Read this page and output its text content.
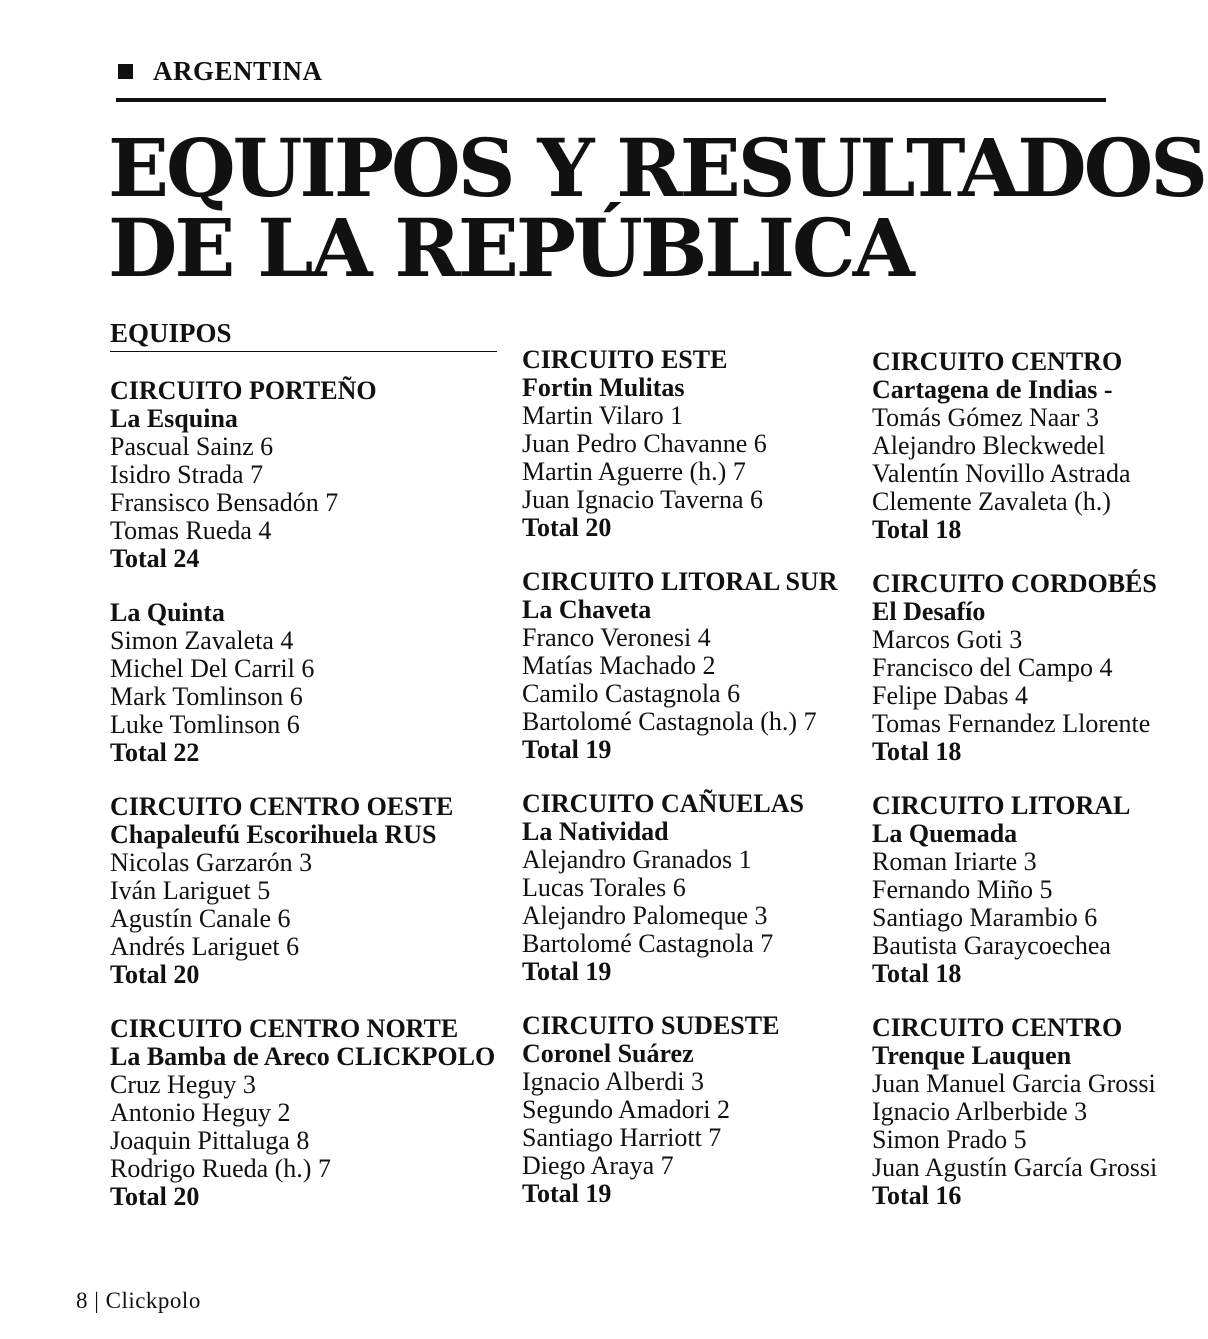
ARGENTINA
EQUIPOS Y RESULTADOS
DE LA REPÚBLICA
EQUIPOS
CIRCUITO PORTEÑO
La Esquina
Pascual Sainz 6
Isidro Strada 7
Fransisco Bensadón 7
Tomas Rueda 4
Total 24
La Quinta
Simon Zavaleta 4
Michel Del Carril 6
Mark Tomlinson 6
Luke Tomlinson 6
Total 22
CIRCUITO CENTRO OESTE
Chapaleufú Escorihuela RUS
Nicolas Garzarón 3
Iván Lariguet 5
Agustín Canale 6
Andrés Lariguet 6
Total 20
CIRCUITO CENTRO NORTE
La Bamba de Areco CLICKPOLO
Cruz Heguy 3
Antonio Heguy 2
Joaquin Pittaluga 8
Rodrigo Rueda (h.) 7
Total 20
CIRCUITO ESTE
Fortin Mulitas
Martin Vilaro 1
Juan Pedro Chavanne 6
Martin Aguerre (h.) 7
Juan Ignacio Taverna 6
Total 20
CIRCUITO LITORAL SUR
La Chaveta
Franco Veronesi 4
Matías Machado 2
Camilo Castagnola 6
Bartolomé Castagnola (h.) 7
Total 19
CIRCUITO CAÑUELAS
La Natividad
Alejandro Granados 1
Lucas Torales 6
Alejandro Palomeque 3
Bartolomé Castagnola 7
Total 19
CIRCUITO SUDESTE
Coronel Suárez
Ignacio Alberdi 3
Segundo Amadori 2
Santiago Harriott 7
Diego Araya 7
Total 19
CIRCUITO CENTRO
Cartagena de Indias -
Tomás Gómez Naar 3
Alejandro Bleckwedel
Valentín Novillo Astrada
Clemente Zavaleta (h.)
Total 18
CIRCUITO CORDOBÉS
El Desafío
Marcos Goti 3
Francisco del Campo 4
Felipe Dabas 4
Tomas Fernandez Llorente
Total 18
CIRCUITO LITORAL
La Quemada
Roman Iriarte 3
Fernando Miño 5
Santiago Marambio 6
Bautista Garaycoechea
Total 18
CIRCUITO CENTRO
Trenque Lauquen
Juan Manuel Garcia Grossi
Ignacio Arlberbide 3
Simon Prado 5
Juan Agustín García Grossi
Total 16
8 | Clickpolo
